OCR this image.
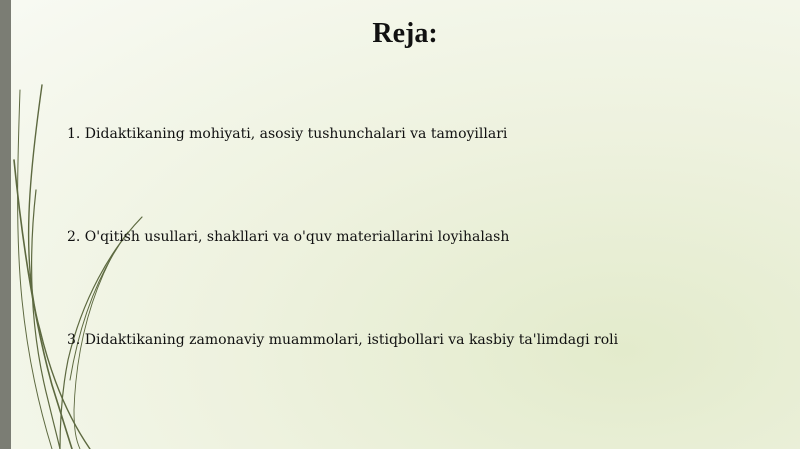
Reja:
1. Didaktikaning mohiyati, asosiy tushunchalari va tamoyillari
2. O'qitish usullari, shakllari va o'quv materiallarini loyihalash
3. Didaktikaning zamonaviy muammolari, istiqbollari va kasbiy ta'limdagi roli
